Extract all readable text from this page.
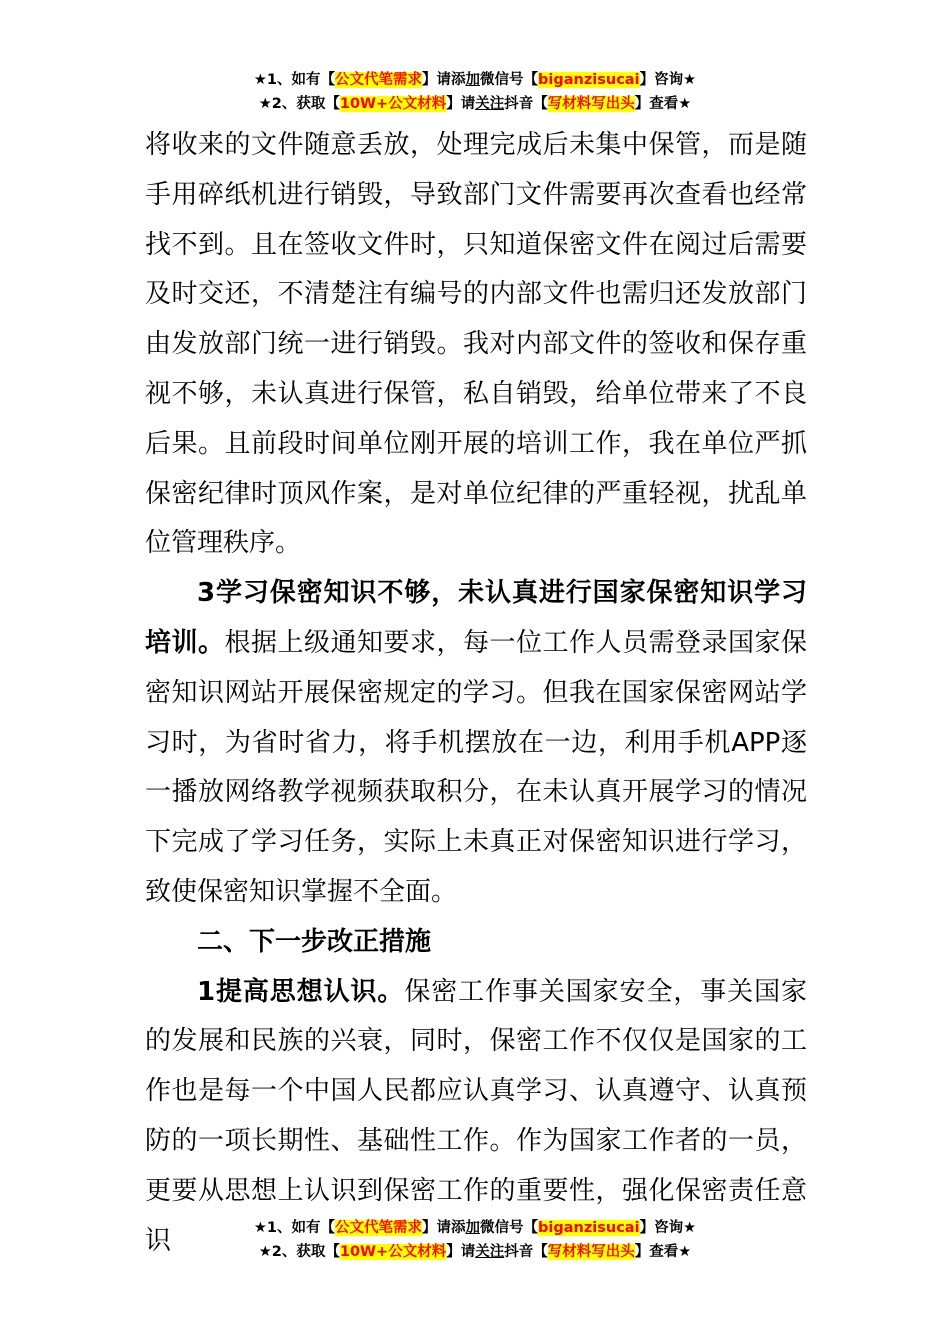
★1、如有【公文代笔需求】请添加微信号【biganzisucai】咨询★
★2、获取【10W+公文材料】请关注抖音【写材料写出头】查看★

将收来的文件随意丢放，处理完成后未集中保管，而是随手用碎纸机进行销毁，导致部门文件需要再次查看也经常找不到。且在签收文件时，只知道保密文件在阅过后需要及时交还，不清楚注有编号的内部文件也需归还发放部门由发放部门统一进行销毁。我对内部文件的签收和保存重视不够，未认真进行保管，私自销毁，给单位带来了不良后果。且前段时间单位刚开展的培训工作，我在单位严抓保密纪律时顶风作案，是对单位纪律的严重轻视，扰乱单位管理秩序。

3学习保密知识不够，未认真进行国家保密知识学习培训。根据上级通知要求，每一位工作人员需登录国家保密知识网站开展保密规定的学习。但我在国家保密网站学习时，为省时省力，将手机摆放在一边，利用手机APP逐一播放网络教学视频获取积分，在未认真开展学习的情况下完成了学习任务，实际上未真正对保密知识进行学习，致使保密知识掌握不全面。

二、下一步改正措施

1提高思想认识。保密工作事关国家安全，事关国家的发展和民族的兴衰，同时，保密工作不仅仅是国家的工作也是每一个中国人民都应认真学习、认真遵守、认真预防的一项长期性、基础性工作。作为国家工作者的一员，更要从思想上认识到保密工作的重要性，强化保密责任意识	★1、如有【公文代笔需求】请添加微信号【biganzisucai】咨询★
★2、获取【10W+公文材料】请关注抖音【写材料写出头】查看★
